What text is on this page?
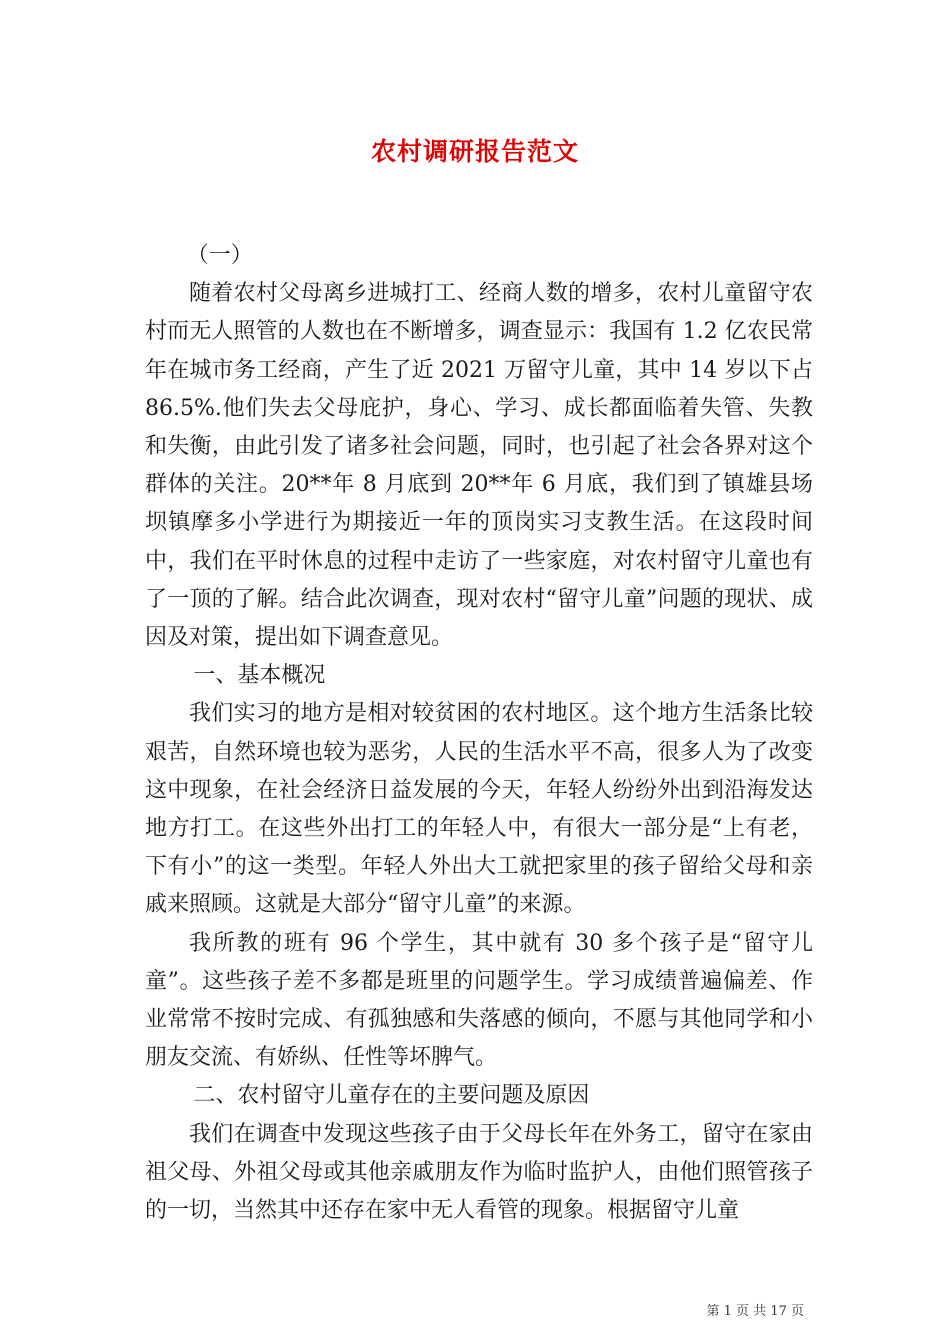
农村调研报告范文

（一）

随着农村父母离乡进城打工、经商人数的增多，农村儿童留守农村而无人照管的人数也在不断增多，调查显示：我国有 1.2 亿农民常年在城市务工经商，产生了近 2021 万留守儿童，其中 14 岁以下占 86.5%.他们失去父母庇护，身心、学习、成长都面临着失管、失教和失衡，由此引发了诸多社会问题，同时，也引起了社会各界对这个群体的关注。20**年 8 月底到 20**年 6 月底，我们到了镇雄县场坝镇摩多小学进行为期接近一年的顶岗实习支教生活。在这段时间中，我们在平时休息的过程中走访了一些家庭，对农村留守儿童也有了一顶的了解。结合此次调查，现对农村“留守儿童”问题的现状、成因及对策，提出如下调查意见。

一、基本概况

我们实习的地方是相对较贫困的农村地区。这个地方生活条比较艰苦，自然环境也较为恶劣，人民的生活水平不高，很多人为了改变这中现象，在社会经济日益发展的今天，年轻人纷纷外出到沿海发达地方打工。在这些外出打工的年轻人中，有很大一部分是“上有老，下有小”的这一类型。年轻人外出大工就把家里的孩子留给父母和亲戚来照顾。这就是大部分“留守儿童”的来源。

我所教的班有 96 个学生，其中就有 30 多个孩子是“留守儿童”。这些孩子差不多都是班里的问题学生。学习成绩普遍偏差、作业常常不按时完成、有孤独感和失落感的倾向，不愿与其他同学和小朋友交流、有娇纵、任性等坏脾气。

二、农村留守儿童存在的主要问题及原因

我们在调查中发现这些孩子由于父母长年在外务工，留守在家由祖父母、外祖父母或其他亲戚朋友作为临时监护人，由他们照管孩子的一切，当然其中还存在家中无人看管的现象。根据留守儿童

第 1 页 共 17 页
